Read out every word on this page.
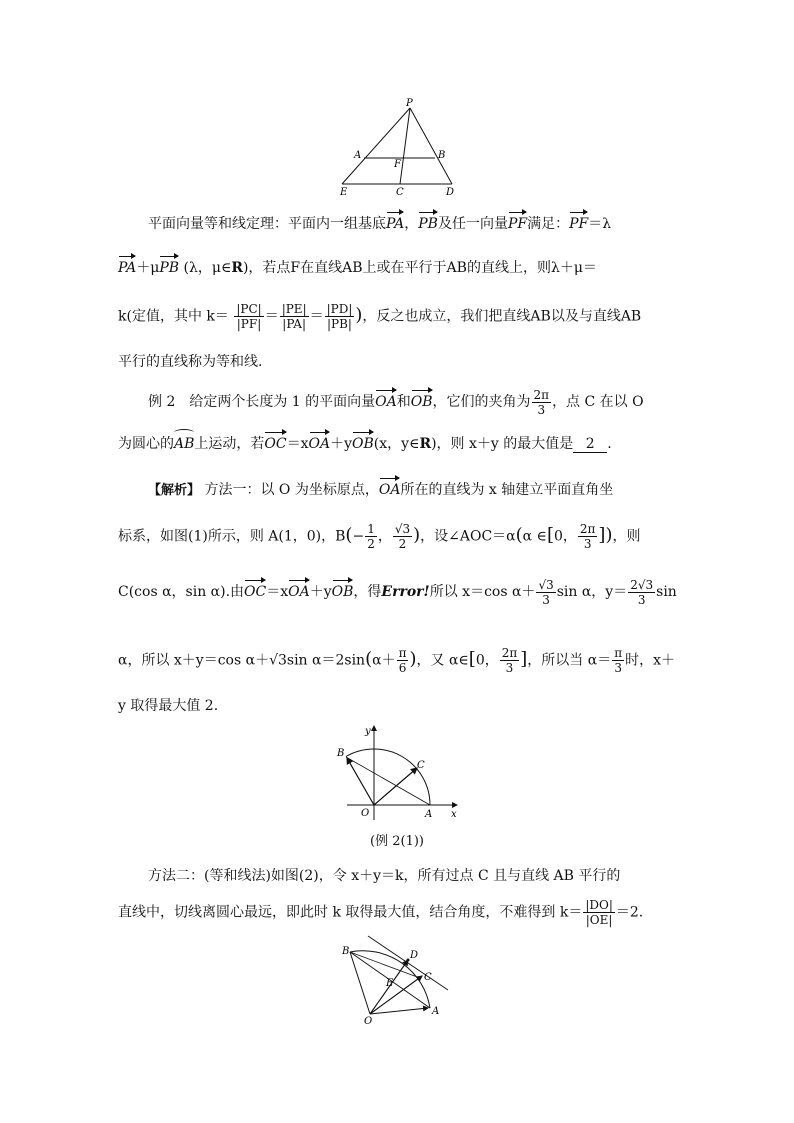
P
A	B
F
E	C	D
平面向量等和线定理：平面内一组基底PA，PB及任一向量PF满足：PF＝λ
PA＋μPB (λ，μ∈R)，若点F在直线AB上或在平行于AB的直线上，则λ＋μ＝
k(定值，其中 $k= \frac{|PC|}{|PF|} = \frac{|PE|}{|PA|} = \frac{|PD|}{|PB|}$ )，反之也成立，我们把直线AB以及与直线AB
平行的直线称为等和线.
例 2　给定两个长度为 1 的平面向量OA和OB，它们的夹角为 $\frac{2\pi}{3}$ ，点 C 在以 O
为圆心的AB上运动，若OC＝xOA＋yOB(x，y∈R)，则 x＋y 的最大值是 2 .
【解析】 方法一：以 O 为坐标原点，OA所在的直线为 x 轴建立平面直角坐
标系，如图(1)所示，则 A(1，0)，$B(- \frac{1}{2}$ ， $\frac{√3}{2}$ )，设∠AOC＝α(α ∈[0， $\frac{2\pi}{3}$ ])，则
C(cos α，sin α).由OC＝xOA＋yOB，得Error!所以 x＝cos $\alpha+ \frac{√3}{3}$ sin α，$y= \frac{2√3}{3}$ sin
α，所以 x＋y＝cos α＋√3sin $\alpha=2\sin(\alpha+ \frac{\pi}{6}$ )，又 α∈[0， $\frac{2\pi}{3}$ ]，所以当 $\alpha= \frac{\pi}{3}$ 时，x＋
y 取得最大值 2.
y
B
C
O	A x
(例 2(1))
方法二：(等和线法)如图(2)，令 x＋y＝k，所有过点 C 且与直线 AB 平行的
直线中，切线离圆心最远，即此时 k 取得最大值，结合角度，不难得到 $k= \frac{|DO|}{|OE|} =2$.
B	D
E
C
O
A
